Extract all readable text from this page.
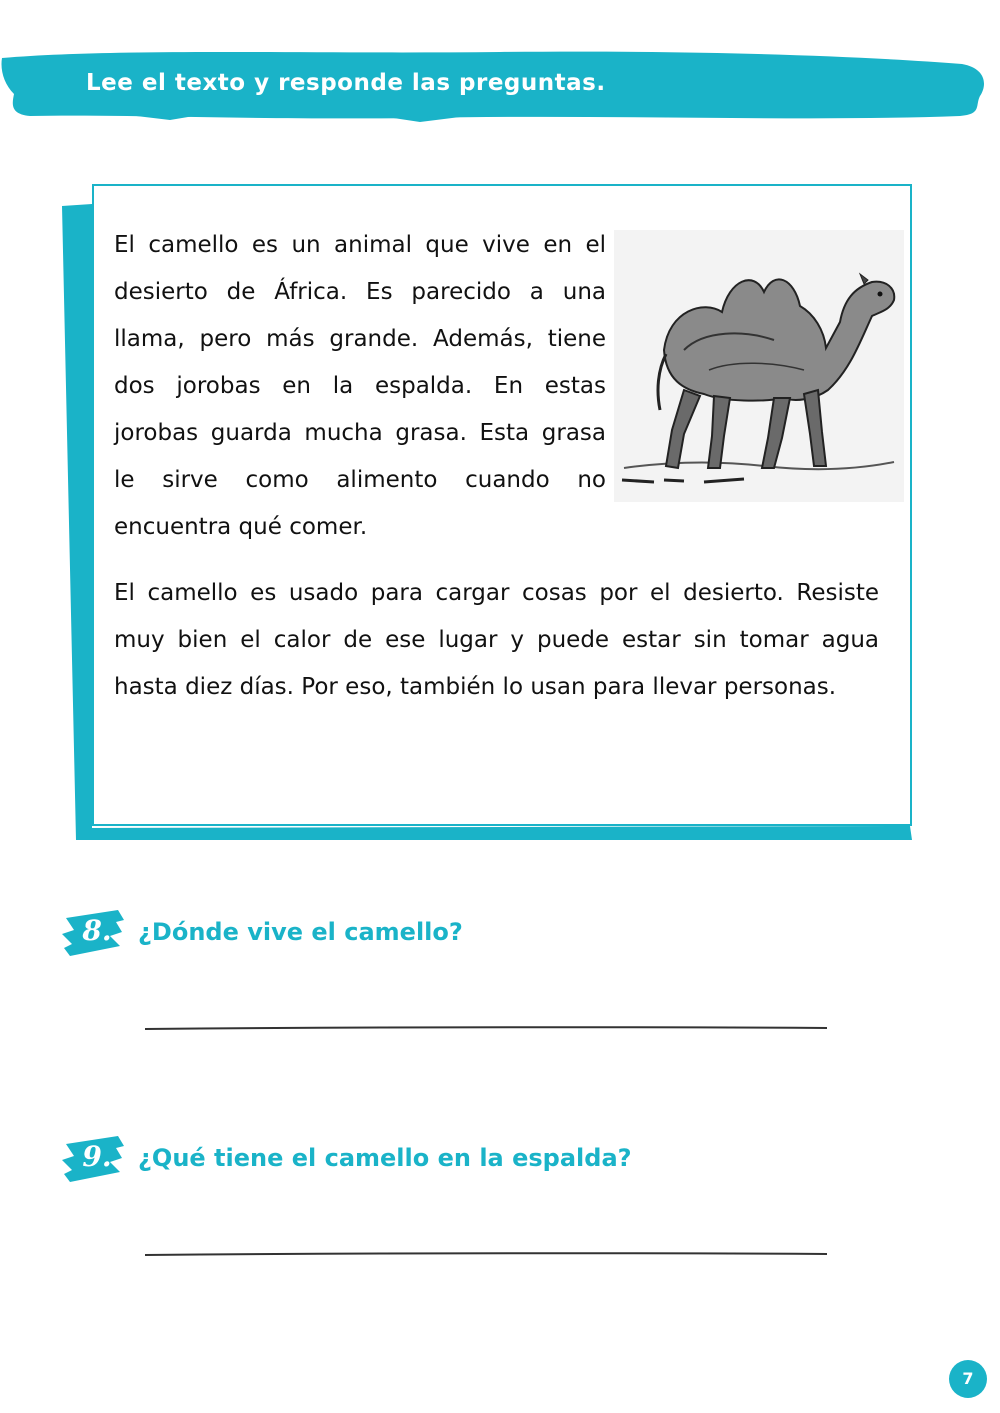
Lee el texto y responde las preguntas.

El camello es un animal que vive en el desierto de África. Es parecido a una llama, pero más grande. Además, tiene dos jorobas en la espalda. En estas jorobas guarda mucha grasa. Esta grasa le sirve como alimento cuando no encuentra qué comer.

El camello es usado para cargar cosas por el desierto. Resiste muy bien el calor de ese lugar y puede estar sin tomar agua hasta diez días. Por eso, también lo usan para llevar personas.

8.	¿Dónde vive el camello?
9.	¿Qué tiene el camello en la espalda?
7
